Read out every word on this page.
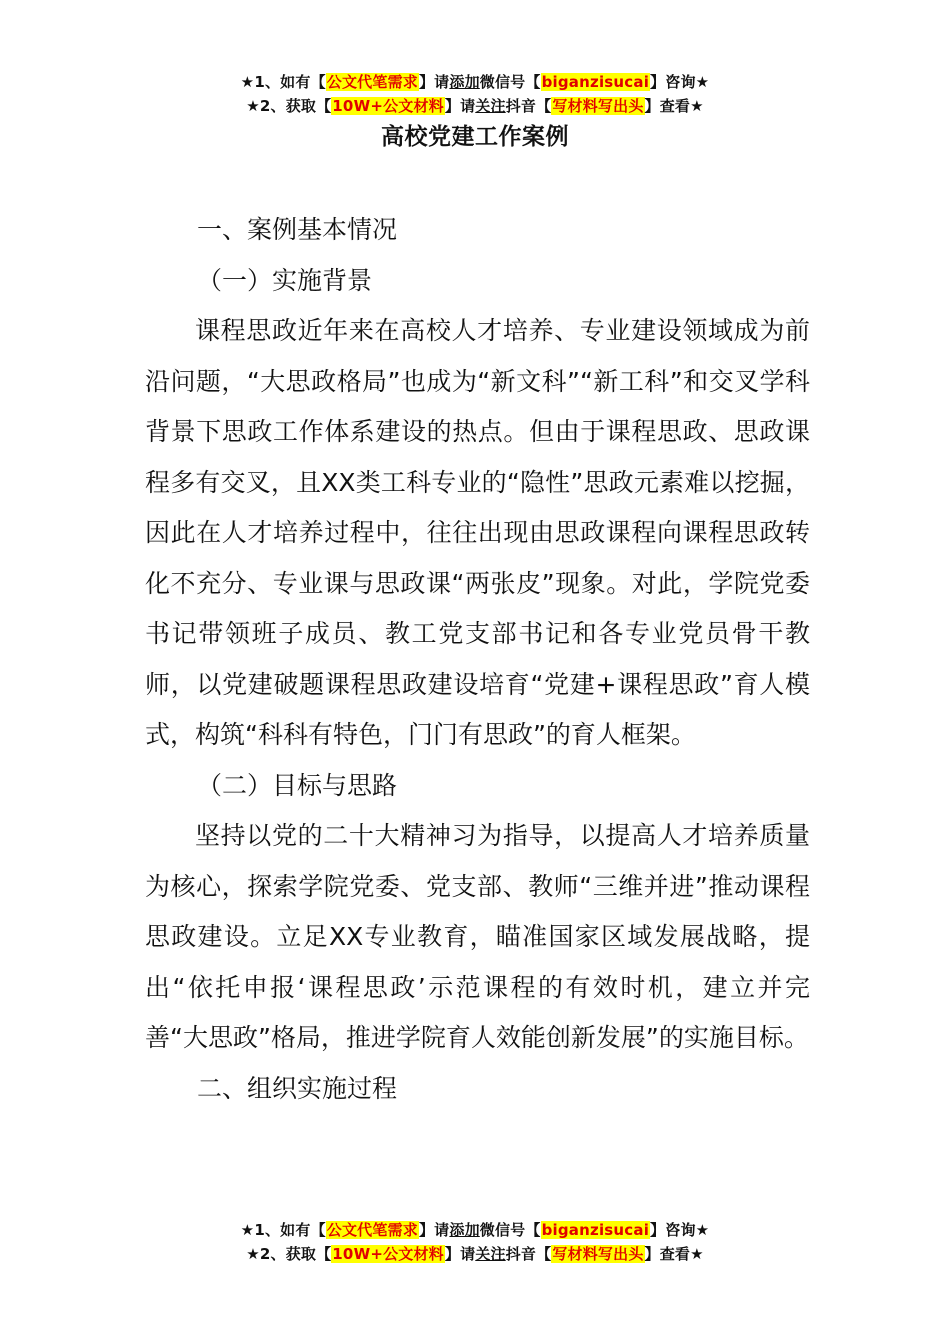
★1、如有【公文代笔需求】请添加微信号【biganzisucai】咨询★
★2、获取【10W+公文材料】请关注抖音【写材料写出头】查看★
高校党建工作案例

一、案例基本情况

（一）实施背景

课程思政近年来在高校人才培养、专业建设领域成为前沿问题，“大思政格局”也成为“新文科”“新工科”和交叉学科背景下思政工作体系建设的热点。但由于课程思政、思政课程多有交叉，且XX类工科专业的“隐性”思政元素难以挖掘，因此在人才培养过程中，往往出现由思政课程向课程思政转化不充分、专业课与思政课“两张皮”现象。对此，学院党委书记带领班子成员、教工党支部书记和各专业党员骨干教师，以党建破题课程思政建设培育“党建+课程思政”育人模式，构筑“科科有特色，门门有思政”的育人框架。

（二）目标与思路

坚持以党的二十大精神习为指导，以提高人才培养质量为核心，探索学院党委、党支部、教师“三维并进”推动课程思政建设。立足XX专业教育，瞄准国家区域发展战略，提出“依托申报‘课程思政’示范课程的有效时机，建立并完善“大思政”格局，推进学院育人效能创新发展”的实施目标。

二、组织实施过程

★1、如有【公文代笔需求】请添加微信号【biganzisucai】咨询★
★2、获取【10W+公文材料】请关注抖音【写材料写出头】查看★
